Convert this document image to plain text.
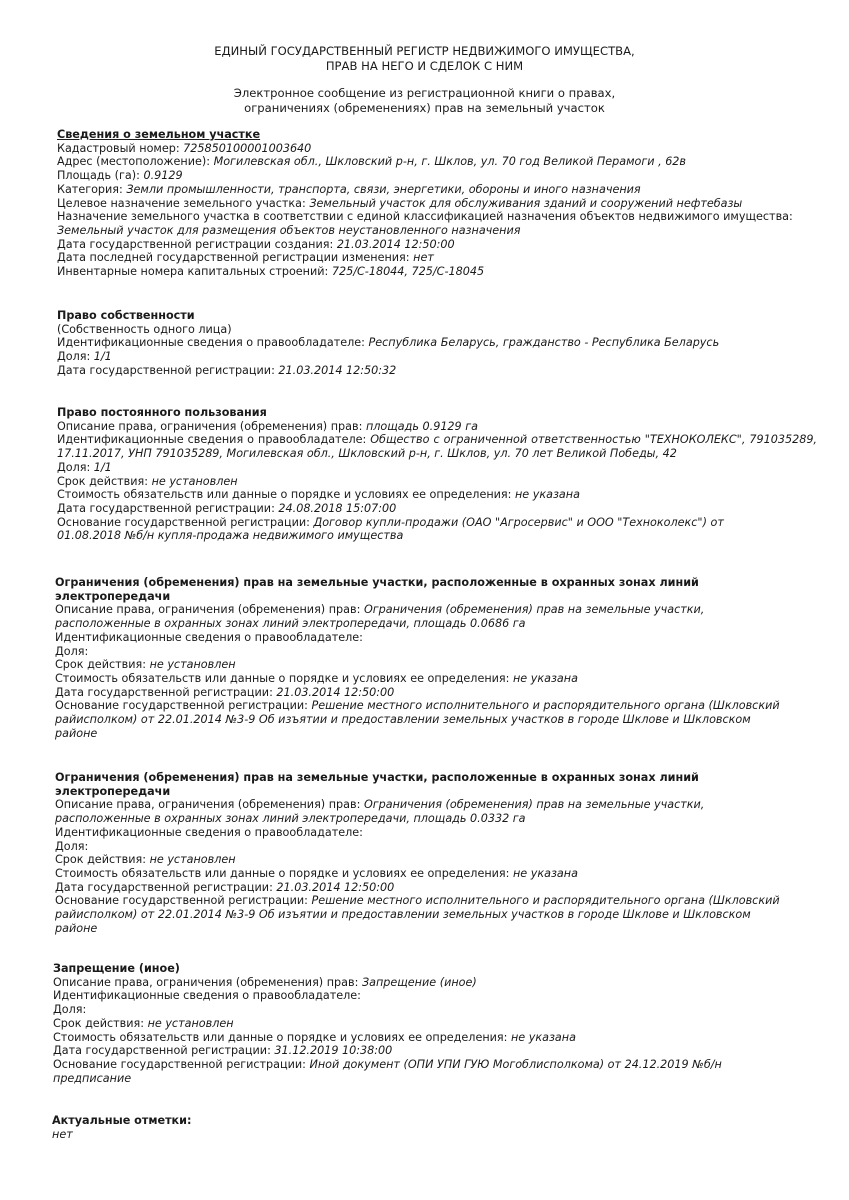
ЕДИНЫЙ ГОСУДАРСТВЕННЫЙ РЕГИСТР НЕДВИЖИМОГО ИМУЩЕСТВА,
ПРАВ НА НЕГО И СДЕЛОК С НИМ
Электронное сообщение из регистрационной книги о правах,
ограничениях (обременениях) прав на земельный участок
Сведения о земельном участке
Кадастровый номер: 725850100001003640
Адрес (местоположение): Могилевская обл., Шкловский р-н, г. Шклов, ул. 70 год Великой Перамоги , 62в
Площадь (га): 0.9129
Категория: Земли промышленности, транспорта, связи, энергетики, обороны и иного назначения
Целевое назначение земельного участка: Земельный участок для обслуживания зданий и сооружений нефтебазы
Назначение земельного участка в соответствии с единой классификацией назначения объектов недвижимого имущества:
Земельный участок для размещения объектов неустановленного назначения
Дата государственной регистрации создания: 21.03.2014 12:50:00
Дата последней государственной регистрации изменения: нет
Инвентарные номера капитальных строений: 725/С-18044, 725/С-18045
Право собственности
(Собственность одного лица)
Идентификационные сведения о правообладателе: Республика Беларусь, гражданство - Республика Беларусь
Доля: 1/1
Дата государственной регистрации: 21.03.2014 12:50:32
Право постоянного пользования
Описание права, ограничения (обременения) прав: площадь 0.9129 га
Идентификационные сведения о правообладателе: Общество с ограниченной ответственностью "ТЕХНОКОЛЕКС", 791035289, 17.11.2017, УНП 791035289, Могилевская обл., Шкловский р-н, г. Шклов, ул. 70 лет Великой Победы, 42
Доля: 1/1
Срок действия: не установлен
Стоимость обязательств или данные о порядке и условиях ее определения: не указана
Дата государственной регистрации: 24.08.2018 15:07:00
Основание государственной регистрации: Договор купли-продажи (ОАО "Агросервис" и ООО "Техноколекс") от 01.08.2018 №б/н купля-продажа недвижимого имущества
Ограничения (обременения) прав на земельные участки, расположенные в охранных зонах линий электропередачи
Описание права, ограничения (обременения) прав: Ограничения (обременения) прав на земельные участки, расположенные в охранных зонах линий электропередачи, площадь 0.0686 га
Идентификационные сведения о правообладателе:
Доля:
Срок действия: не установлен
Стоимость обязательств или данные о порядке и условиях ее определения: не указана
Дата государственной регистрации: 21.03.2014 12:50:00
Основание государственной регистрации: Решение местного исполнительного и распорядительного органа (Шкловский райисполком) от 22.01.2014 №3-9 Об изъятии и предоставлении земельных участков в городе Шклове и Шкловском районе
Ограничения (обременения) прав на земельные участки, расположенные в охранных зонах линий электропередачи
Описание права, ограничения (обременения) прав: Ограничения (обременения) прав на земельные участки, расположенные в охранных зонах линий электропередачи, площадь 0.0332 га
Идентификационные сведения о правообладателе:
Доля:
Срок действия: не установлен
Стоимость обязательств или данные о порядке и условиях ее определения: не указана
Дата государственной регистрации: 21.03.2014 12:50:00
Основание государственной регистрации: Решение местного исполнительного и распорядительного органа (Шкловский райисполком) от 22.01.2014 №3-9 Об изъятии и предоставлении земельных участков в городе Шклове и Шкловском районе
Запрещение (иное)
Описание права, ограничения (обременения) прав: Запрещение (иное)
Идентификационные сведения о правообладателе:
Доля:
Срок действия: не установлен
Стоимость обязательств или данные о порядке и условиях ее определения: не указана
Дата государственной регистрации: 31.12.2019 10:38:00
Основание государственной регистрации: Иной документ (ОПИ УПИ ГУЮ Могоблисполкома) от 24.12.2019 №б/н предписание
Актуальные отметки:
нет
